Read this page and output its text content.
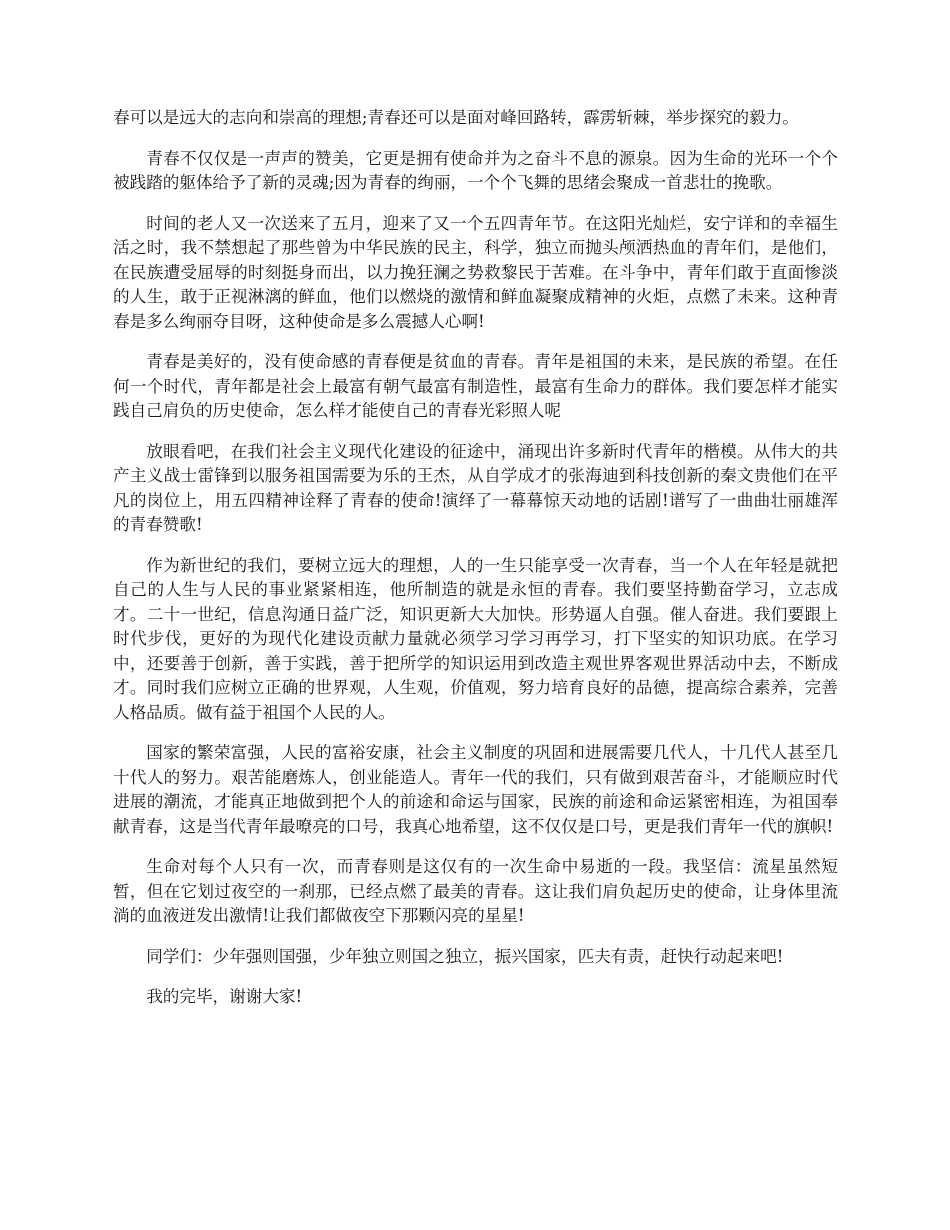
春可以是远大的志向和崇高的理想;青春还可以是面对峰回路转，霹雳斩棘，举步探究的毅力。

青春不仅仅是一声声的赞美，它更是拥有使命并为之奋斗不息的源泉。因为生命的光环一个个被践踏的躯体给予了新的灵魂;因为青春的绚丽，一个个飞舞的思绪会聚成一首悲壮的挽歌。

时间的老人又一次送来了五月，迎来了又一个五四青年节。在这阳光灿烂，安宁详和的幸福生活之时，我不禁想起了那些曾为中华民族的民主，科学，独立而抛头颅洒热血的青年们，是他们，在民族遭受屈辱的时刻挺身而出，以力挽狂澜之势救黎民于苦难。在斗争中，青年们敢于直面惨淡的人生，敢于正视淋漓的鲜血，他们以燃烧的激情和鲜血凝聚成精神的火炬，点燃了未来。这种青春是多么绚丽夺目呀，这种使命是多么震撼人心啊!

青春是美好的，没有使命感的青春便是贫血的青春。青年是祖国的未来，是民族的希望。在任何一个时代，青年都是社会上最富有朝气最富有制造性，最富有生命力的群体。我们要怎样才能实践自己肩负的历史使命，怎么样才能使自己的青春光彩照人呢

放眼看吧，在我们社会主义现代化建设的征途中，涌现出许多新时代青年的楷模。从伟大的共产主义战士雷锋到以服务祖国需要为乐的王杰，从自学成才的张海迪到科技创新的秦文贵他们在平凡的岗位上，用五四精神诠释了青春的使命!演绎了一幕幕惊天动地的话剧!谱写了一曲曲壮丽雄浑的青春赞歌!

作为新世纪的我们，要树立远大的理想，人的一生只能享受一次青春，当一个人在年轻是就把自己的人生与人民的事业紧紧相连，他所制造的就是永恒的青春。我们要坚持勤奋学习，立志成才。二十一世纪，信息沟通日益广泛，知识更新大大加快。形势逼人自强。催人奋进。我们要跟上时代步伐，更好的为现代化建设贡献力量就必须学习学习再学习，打下坚实的知识功底。在学习中，还要善于创新，善于实践，善于把所学的知识运用到改造主观世界客观世界活动中去，不断成才。同时我们应树立正确的世界观，人生观，价值观，努力培育良好的品德，提高综合素养，完善人格品质。做有益于祖国个人民的人。

国家的繁荣富强，人民的富裕安康，社会主义制度的巩固和进展需要几代人，十几代人甚至几十代人的努力。艰苦能磨炼人，创业能造人。青年一代的我们，只有做到艰苦奋斗，才能顺应时代进展的潮流，才能真正地做到把个人的前途和命运与国家，民族的前途和命运紧密相连，为祖国奉献青春，这是当代青年最嘹亮的口号，我真心地希望，这不仅仅是口号，更是我们青年一代的旗帜!

生命对每个人只有一次，而青春则是这仅有的一次生命中易逝的一段。我坚信：流星虽然短暂，但在它划过夜空的一刹那，已经点燃了最美的青春。这让我们肩负起历史的使命，让身体里流淌的血液迸发出激情!让我们都做夜空下那颗闪亮的星星!

同学们：少年强则国强，少年独立则国之独立，振兴国家，匹夫有责，赶快行动起来吧!

我的完毕，谢谢大家!
